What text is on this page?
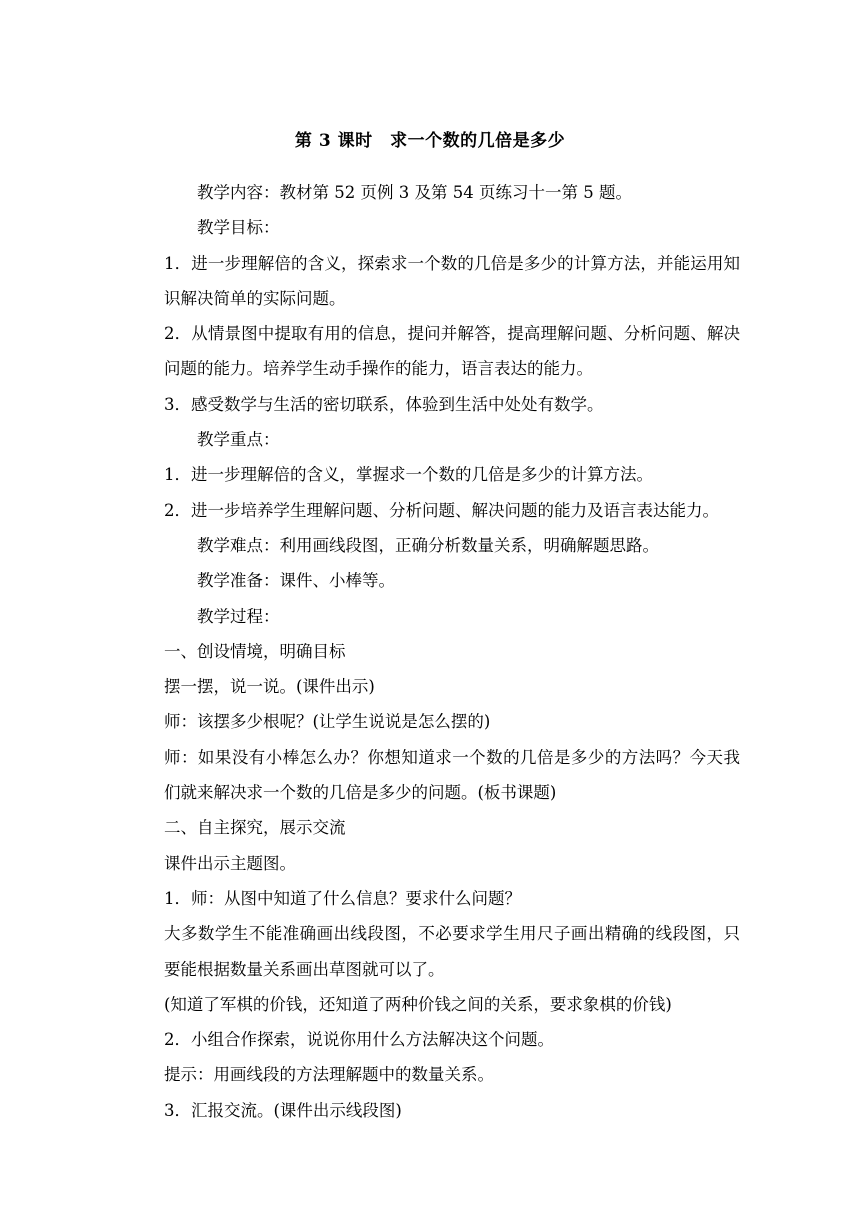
第 3 课时　求一个数的几倍是多少

教学内容：教材第 52 页例 3 及第 54 页练习十一第 5 题。

教学目标：

1．进一步理解倍的含义，探索求一个数的几倍是多少的计算方法，并能运用知识解决简单的实际问题。

2．从情景图中提取有用的信息，提问并解答，提高理解问题、分析问题、解决问题的能力。培养学生动手操作的能力，语言表达的能力。

3．感受数学与生活的密切联系，体验到生活中处处有数学。

教学重点：

1．进一步理解倍的含义，掌握求一个数的几倍是多少的计算方法。

2．进一步培养学生理解问题、分析问题、解决问题的能力及语言表达能力。

教学难点：利用画线段图，正确分析数量关系，明确解题思路。

教学准备：课件、小棒等。

教学过程：

一、创设情境，明确目标

摆一摆，说一说。(课件出示)

师：该摆多少根呢？(让学生说说是怎么摆的)

师：如果没有小棒怎么办？你想知道求一个数的几倍是多少的方法吗？今天我们就来解决求一个数的几倍是多少的问题。(板书课题)

二、自主探究，展示交流

课件出示主题图。

1．师：从图中知道了什么信息？要求什么问题？

大多数学生不能准确画出线段图，不必要求学生用尺子画出精确的线段图，只要能根据数量关系画出草图就可以了。

(知道了军棋的价钱，还知道了两种价钱之间的关系，要求象棋的价钱)

2．小组合作探索，说说你用什么方法解决这个问题。

提示：用画线段的方法理解题中的数量关系。

3．汇报交流。(课件出示线段图)
